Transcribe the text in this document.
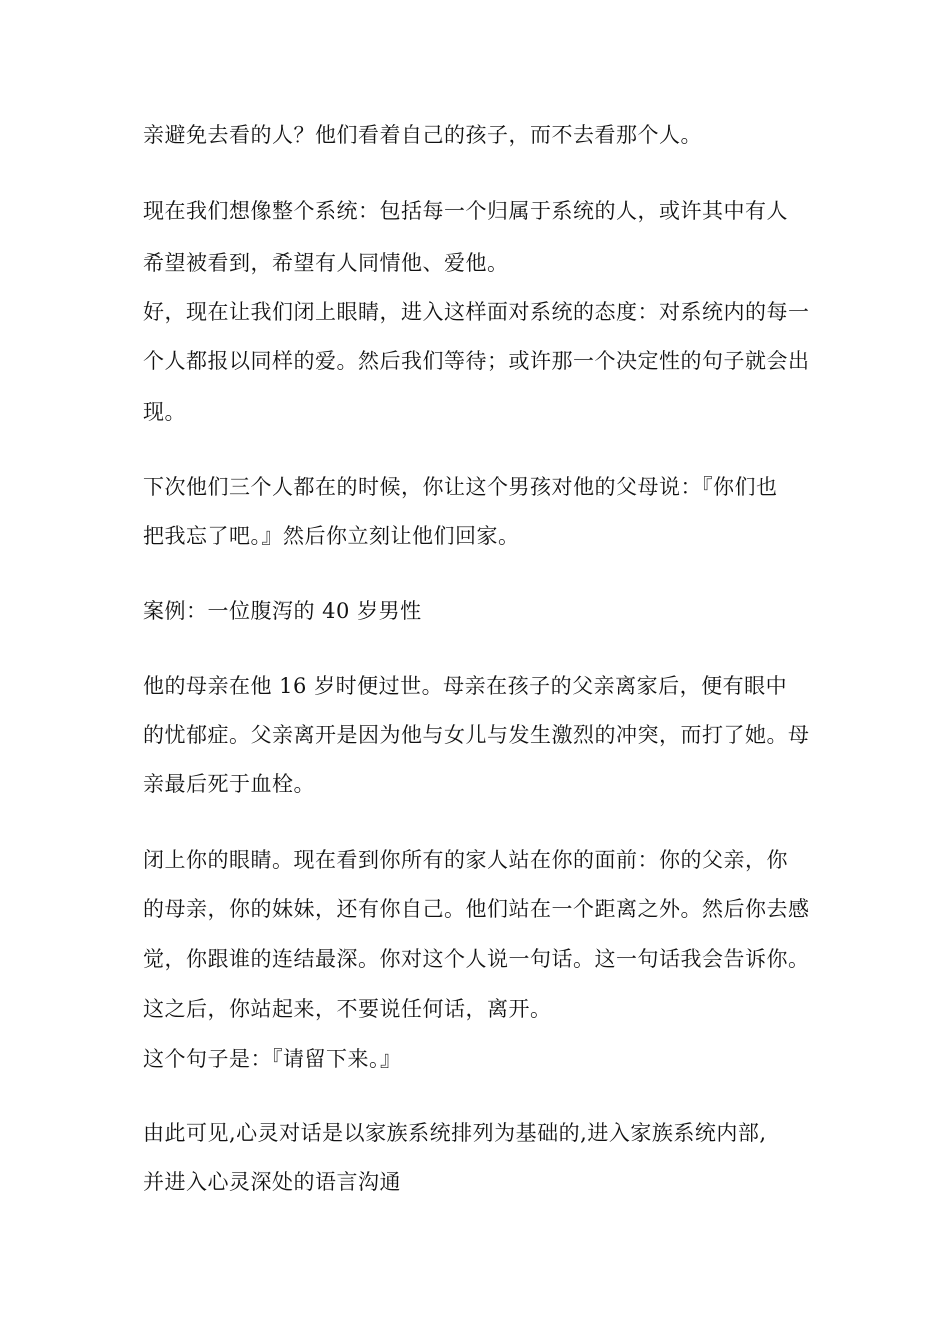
亲避免去看的人？他们看着自己的孩子，而不去看那个人。
现在我们想像整个系统：包括每一个归属于系统的人，或许其中有人
希望被看到，希望有人同情他、爱他。
好，现在让我们闭上眼睛，进入这样面对系统的态度：对系统内的每一
个人都报以同样的爱。然后我们等待；或许那一个决定性的句子就会出
现。
下次他们三个人都在的时候，你让这个男孩对他的父母说：『你们也
把我忘了吧。』然后你立刻让他们回家。
案例：一位腹泻的 40 岁男性
他的母亲在他 16 岁时便过世。母亲在孩子的父亲离家后，便有眼中
的忧郁症。父亲离开是因为他与女儿与发生激烈的冲突，而打了她。母
亲最后死于血栓。
闭上你的眼睛。现在看到你所有的家人站在你的面前：你的父亲，你
的母亲，你的妹妹，还有你自己。他们站在一个距离之外。然后你去感
觉，你跟谁的连结最深。你对这个人说一句话。这一句话我会告诉你。
这之后，你站起来，不要说任何话，离开。
这个句子是：『请留下来。』
由此可见,心灵对话是以家族系统排列为基础的,进入家族系统内部,
并进入心灵深处的语言沟通
